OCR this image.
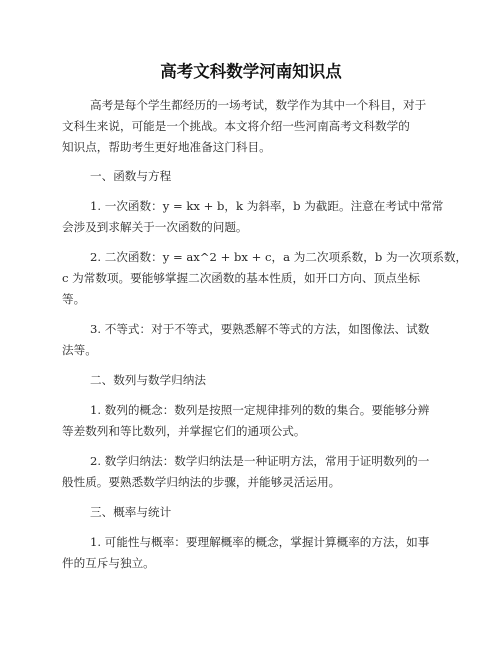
高考文科数学河南知识点
高考是每个学生都经历的一场考试，数学作为其中一个科目，对于
文科生来说，可能是一个挑战。本文将介绍一些河南高考文科数学的
知识点，帮助考生更好地准备这门科目。
一、函数与方程
1. 一次函数：y = kx + b，k 为斜率，b 为截距。注意在考试中常常
会涉及到求解关于一次函数的问题。
2. 二次函数：y = ax^2 + bx + c，a 为二次项系数，b 为一次项系数，
c 为常数项。要能够掌握二次函数的基本性质，如开口方向、顶点坐标
等。
3. 不等式：对于不等式，要熟悉解不等式的方法，如图像法、试数
法等。
二、数列与数学归纳法
1. 数列的概念：数列是按照一定规律排列的数的集合。要能够分辨
等差数列和等比数列，并掌握它们的通项公式。
2. 数学归纳法：数学归纳法是一种证明方法，常用于证明数列的一
般性质。要熟悉数学归纳法的步骤，并能够灵活运用。
三、概率与统计
1. 可能性与概率：要理解概率的概念，掌握计算概率的方法，如事
件的互斥与独立。
